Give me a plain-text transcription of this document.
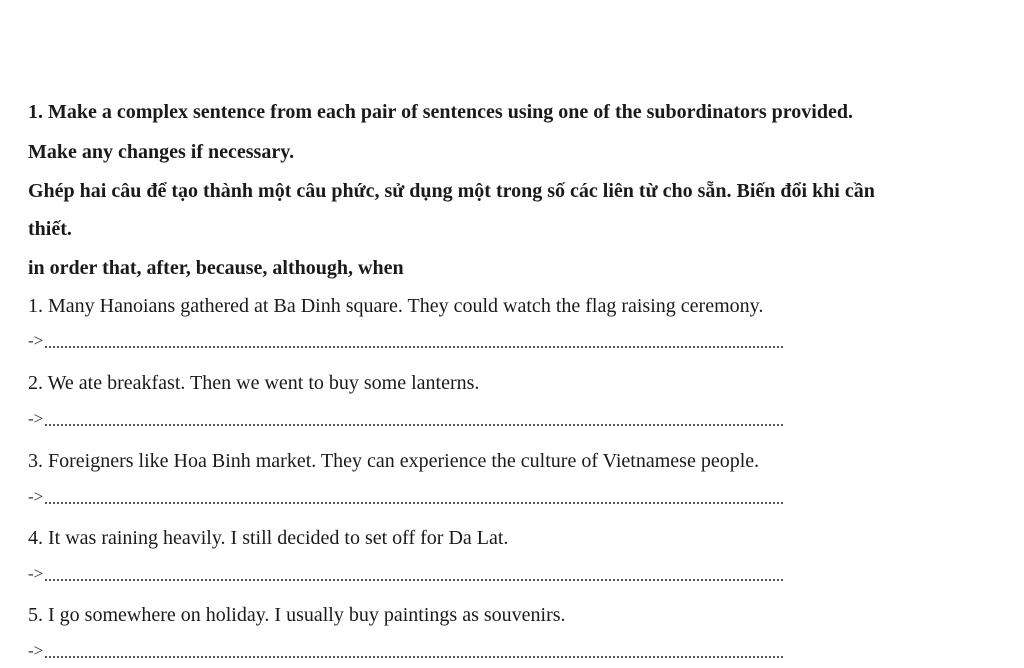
1. Make a complex sentence from each pair of sentences using one of the subordinators provided.
Make any changes if necessary.
Ghép hai câu để tạo thành một câu phức, sử dụng một trong số các liên từ cho sẵn. Biến đổi khi cần
thiết.
in order that, after, because, although, when
1. Many Hanoians gathered at Ba Dinh square. They could watch the flag raising ceremony.
->
2. We ate breakfast. Then we went to buy some lanterns.
->
3. Foreigners like Hoa Binh market. They can experience the culture of Vietnamese people.
->
4. It was raining heavily. I still decided to set off for Da Lat.
->
5. I go somewhere on holiday. I usually buy paintings as souvenirs.
->
